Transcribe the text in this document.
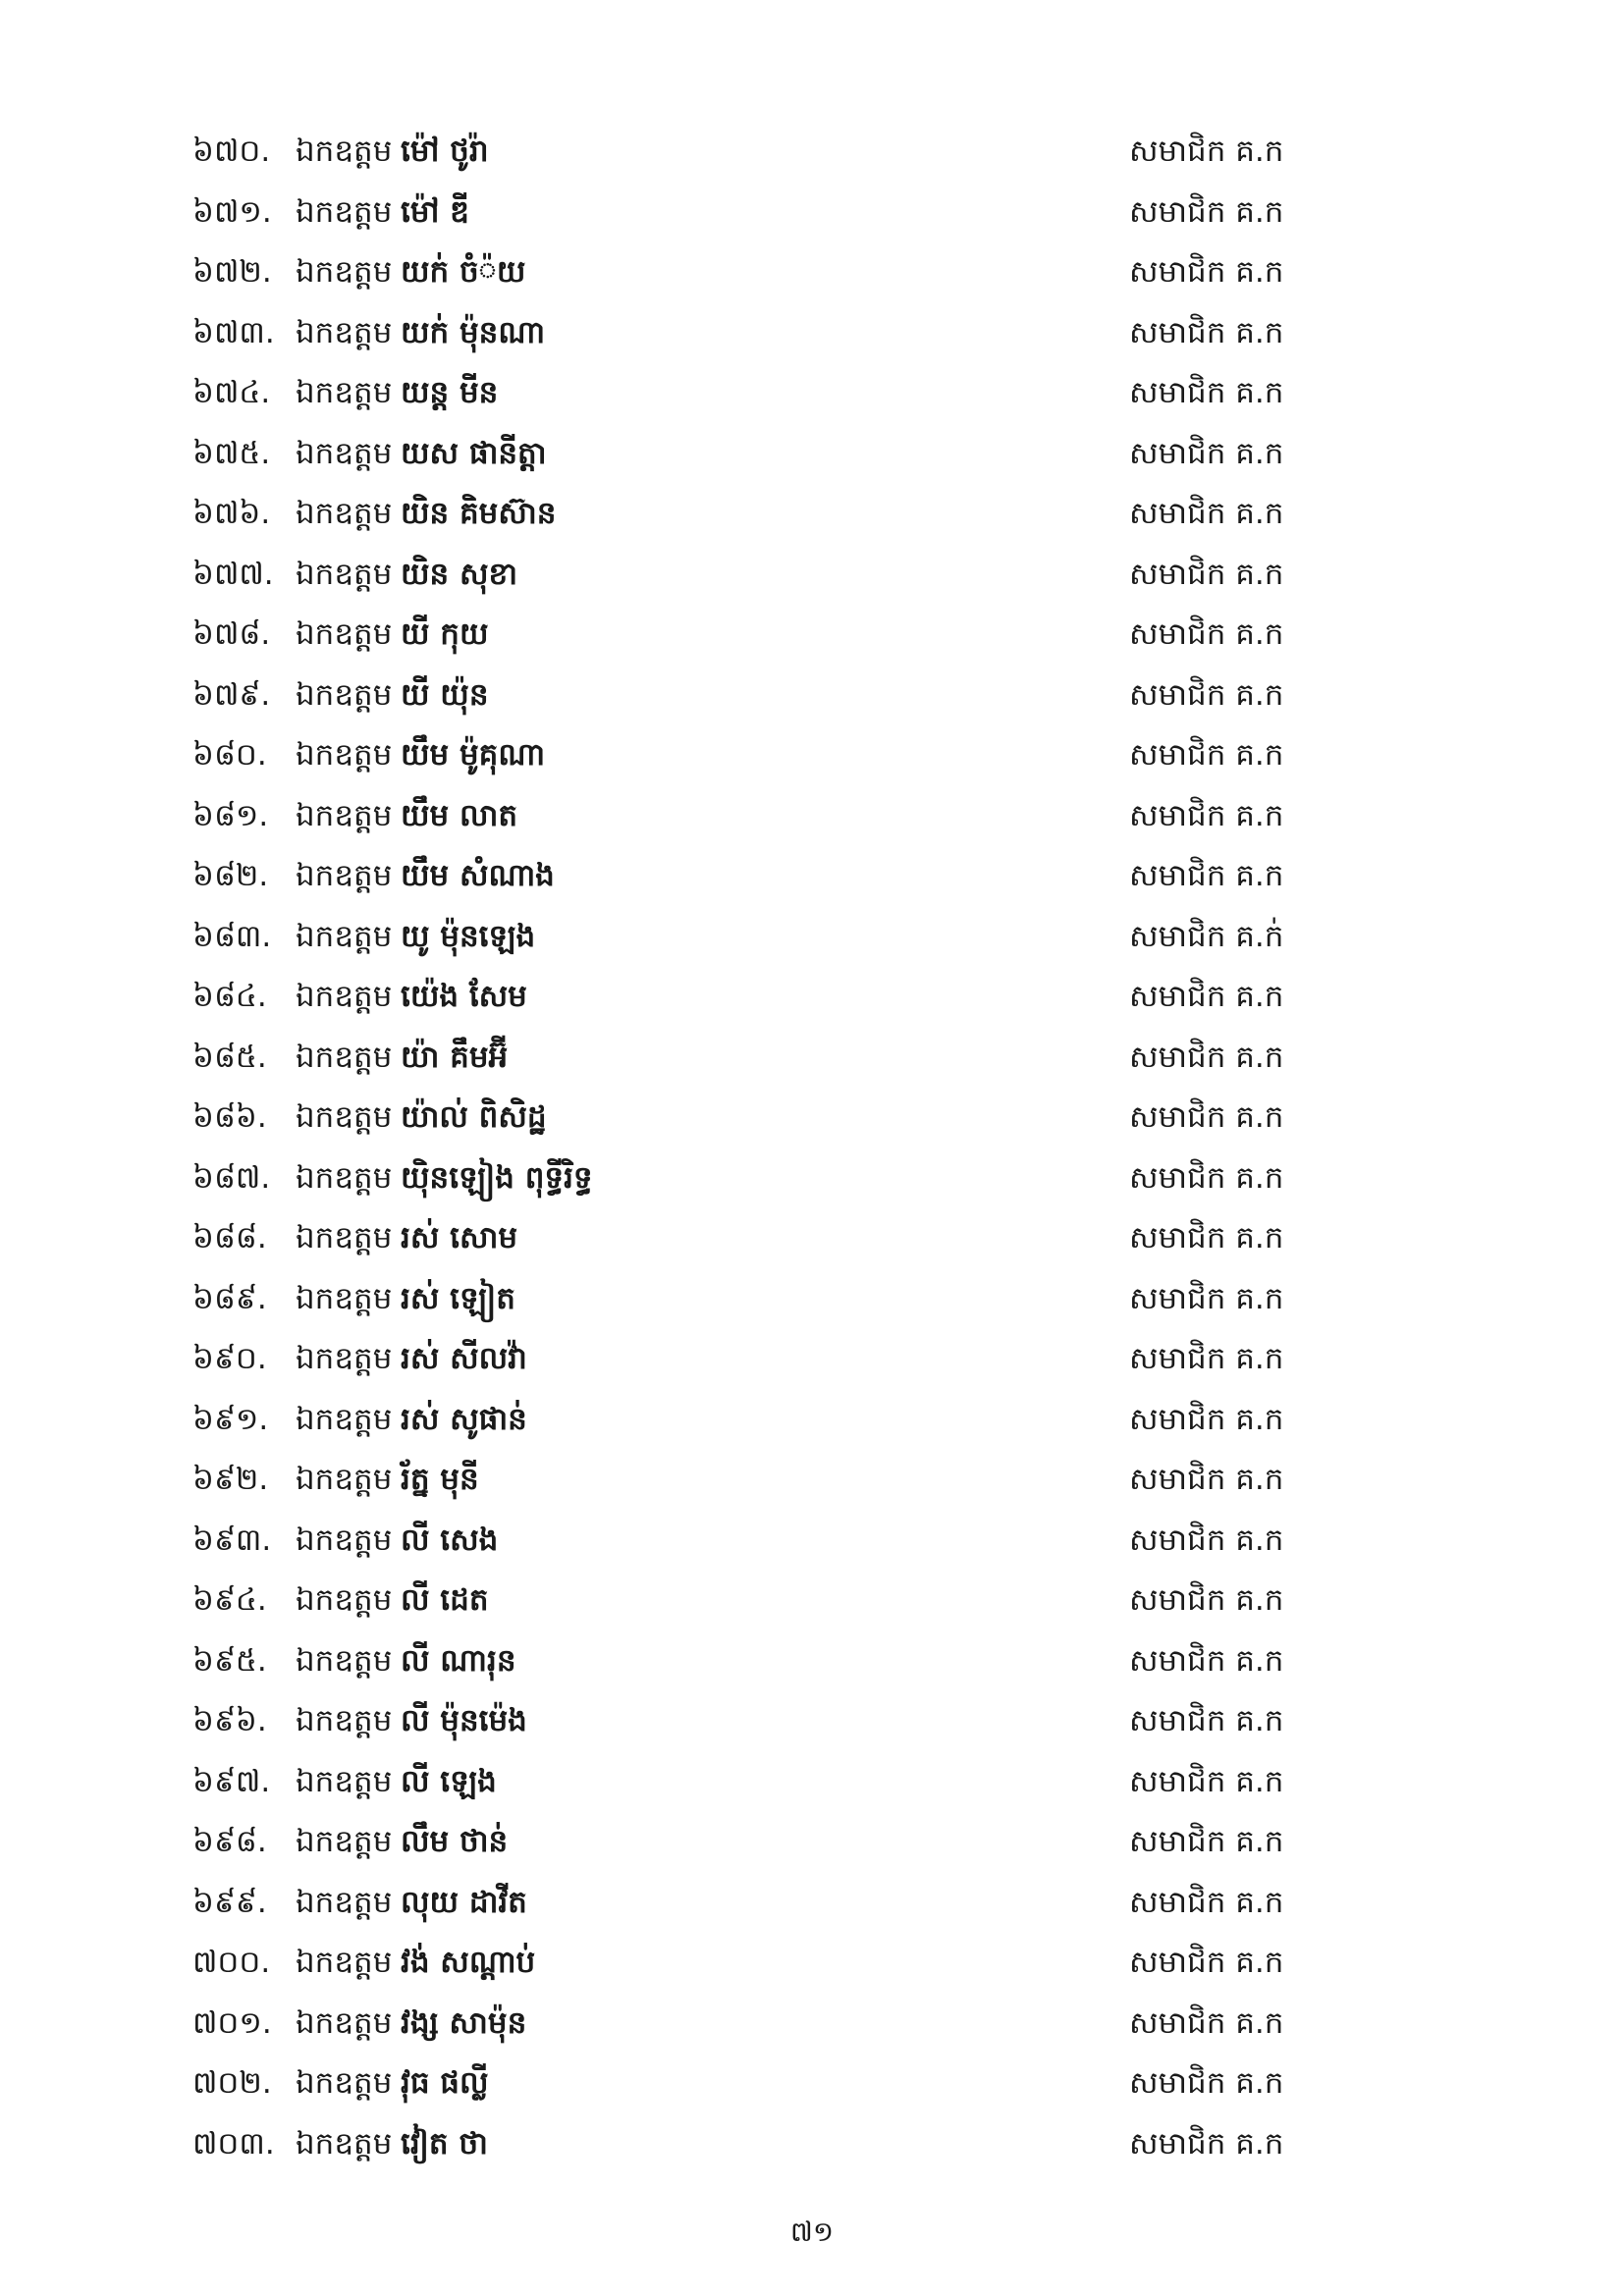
៦៧០. ឯកឧត្តម ម៉ៅ ថូរ៉ា	សមាជិក គ.ក
៦៧១. ឯកឧត្តម ម៉ៅ ឌី	សមាជិក គ.ក
៦៧២. ឯកឧត្តម យក់ ចំ៉យ	សមាជិក គ.ក
៦៧៣. ឯកឧត្តម យក់ ម៉ុនណា	សមាជិក គ.ក
៦៧៤. ឯកឧត្តម យន្ត មីន	សមាជិក គ.ក
៦៧៥. ឯកឧត្តម យស ផានីត្តា	សមាជិក គ.ក
៦៧៦. ឯកឧត្តម យិន គិមស៊ាន	សមាជិក គ.ក
៦៧៧. ឯកឧត្តម យិន សុខា	សមាជិក គ.ក
៦៧៨. ឯកឧត្តម យី កុយ	សមាជិក គ.ក
៦៧៩. ឯកឧត្តម យី យ៉ុន	សមាជិក គ.ក
៦៨០. ឯកឧត្តម យឹម ម៉ូគុណា	សមាជិក គ.ក
៦៨១. ឯកឧត្តម យឹម លាត	សមាជិក គ.ក
៦៨២. ឯកឧត្តម យឹម សំណាង	សមាជិក គ.ក
៦៨៣. ឯកឧត្តម យូ ម៉ុនឡេង	សមាជិក គ.ក់
៦៨៤. ឯកឧត្តម យ៉េង សែម	សមាជិក គ.ក
៦៨៥. ឯកឧត្តម យ៉ា គឹមអ៊ី	សមាជិក គ.ក
៦៨៦. ឯកឧត្តម យ៉ាល់ ពិសិដ្ឋ	សមាជិក គ.ក
៦៨៧. ឯកឧត្តម យ៉ិនឡៀង ពុទ្ធីរិទ្ធ	សមាជិក គ.ក
៦៨៨. ឯកឧត្តម រស់ សោម	សមាជិក គ.ក
៦៨៩. ឯកឧត្តម រស់ ឡៀត	សមាជិក គ.ក
៦៩០. ឯកឧត្តម រស់ សីលវ៉ា	សមាជិក គ.ក
៦៩១. ឯកឧត្តម រស់ សូផាន់	សមាជិក គ.ក
៦៩២. ឯកឧត្តម រ័ត្ន មុនី	សមាជិក គ.ក
៦៩៣. ឯកឧត្តម លី សេង	សមាជិក គ.ក
៦៩៤. ឯកឧត្តម លី ដេត	សមាជិក គ.ក
៦៩៥. ឯកឧត្តម លី ណារុន	សមាជិក គ.ក
៦៩៦. ឯកឧត្តម លី ម៉ុនម៉េង	សមាជិក គ.ក
៦៩៧. ឯកឧត្តម លី ឡេង	សមាជិក គ.ក
៦៩៨. ឯកឧត្តម លឹម ថាន់	សមាជិក គ.ក
៦៩៩. ឯកឧត្តម លុយ ដាវីត	សមាជិក គ.ក
៧០០. ឯកឧត្តម វង់ សណ្ដាប់	សមាជិក គ.ក
៧០១. ឯកឧត្តម វង្ស សាម៉ុន	សមាជិក គ.ក
៧០២. ឯកឧត្តម វុធ ផល្លី	សមាជិក គ.ក
៧០៣. ឯកឧត្តម វៀត ថា	សមាជិក គ.ក
៧១
